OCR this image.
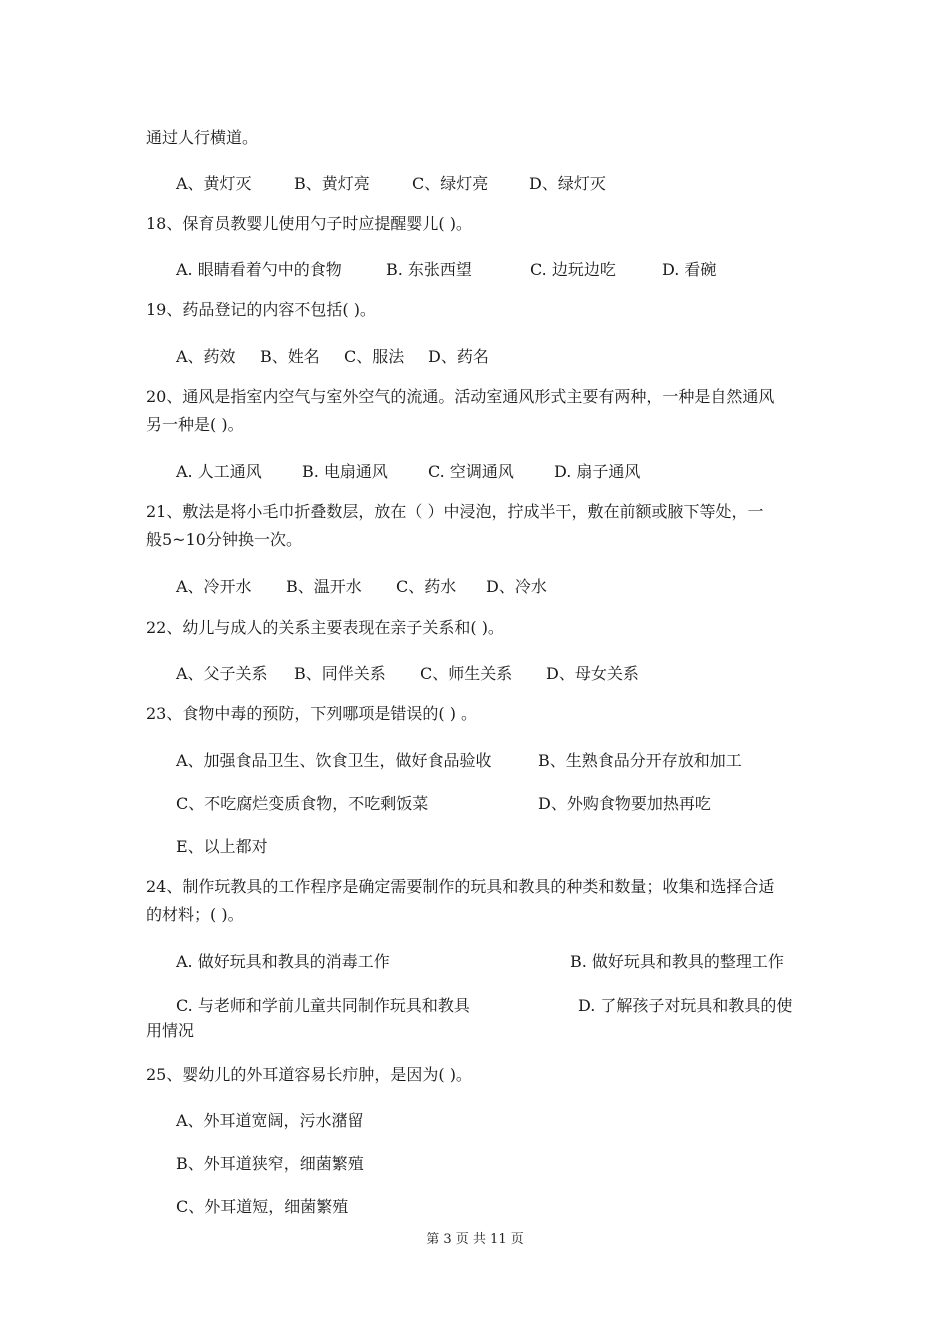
通过人行横道。
A、黄灯灭	B、黄灯亮	C、绿灯亮	D、绿灯灭
18、保育员教婴儿使用勺子时应提醒婴儿( )。
A. 眼睛看着勺中的食物	B. 东张西望	C. 边玩边吃	D. 看碗
19、药品登记的内容不包括( )。
A、药效 B、姓名 C、服法 D、药名
20、通风是指室内空气与室外空气的流通。活动室通风形式主要有两种，一种是自然通风
另一种是( )。
A. 人工通风	B. 电扇通风	C. 空调通风	D. 扇子通风
21、敷法是将小毛巾折叠数层，放在（ ）中浸泡，拧成半干，敷在前额或腋下等处，一
般5~10分钟换一次。
A、冷开水 B、温开水 C、药水 D、冷水
22、幼儿与成人的关系主要表现在亲子关系和( )。
A、父子关系 B、同伴关系 C、师生关系 D、母女关系
23、食物中毒的预防，下列哪项是错误的( ) 。
A、加强食品卫生、饮食卫生，做好食品验收	B、生熟食品分开存放和加工
C、不吃腐烂变质食物，不吃剩饭菜	D、外购食物要加热再吃
E、以上都对
24、制作玩教具的工作程序是确定需要制作的玩具和教具的种类和数量；收集和选择合适
的材料；( )。
A. 做好玩具和教具的消毒工作	B. 做好玩具和教具的整理工作
C. 与老师和学前儿童共同制作玩具和教具	D. 了解孩子对玩具和教具的使
用情况
25、婴幼儿的外耳道容易长疖肿，是因为( )。
A、外耳道宽阔，污水潴留
B、外耳道狭窄，细菌繁殖
C、外耳道短，细菌繁殖
第 3 页 共 11 页
